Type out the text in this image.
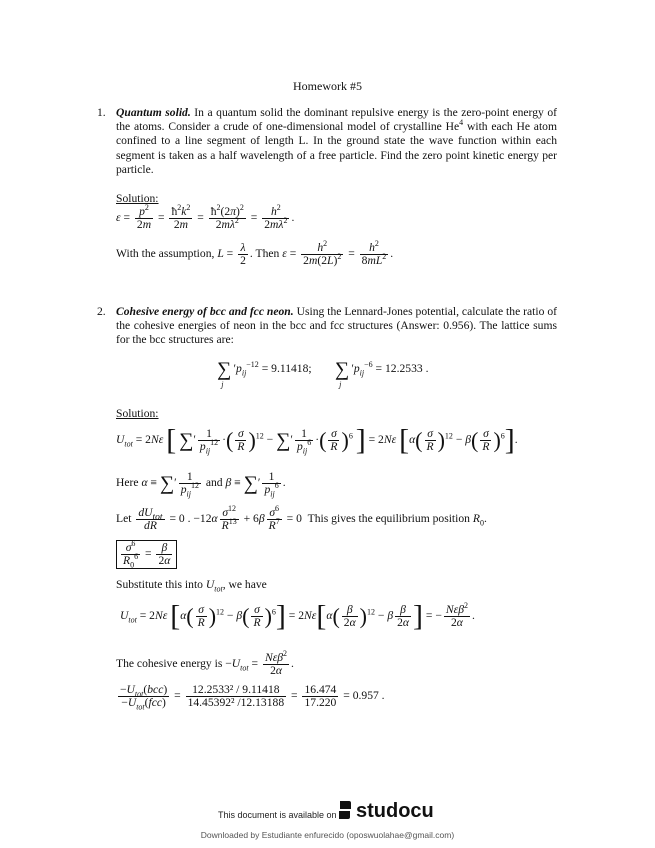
Homework #5
1. Quantum solid. In a quantum solid the dominant repulsive energy is the zero-point energy of the atoms. Consider a crude of one-dimensional model of crystalline He$^4$ with each He atom confined to a line segment of length L. In the ground state the wave function within each segment is taken as a half wavelength of a free particle. Find the zero point kinetic energy per particle.
Solution:
$\varepsilon = \frac{p^2}{2m} = \frac{ħ^2k^2}{2m} = \frac{ħ^2(2\pi)^2}{2m\lambda^2} = \frac{h^2}{2m\lambda^2}$ .
With the assumption, $L = \frac{\lambda}{2}$ . Then $\varepsilon = \frac{h^2}{2m(2L)^2} = \frac{h^2}{8mL^2}$ .
2. Cohesive energy of bcc and fcc neon. Using the Lennard-Jones potential, calculate the ratio of the cohesive energies of neon in the bcc and fcc structures (Answer: 0.956). The lattice sums for the bcc structures are:
$\sum_j'p_{ij}^{-12} = 9.11418$; $\sum_j'p_{ij}^{-6} = 12.2533$ .
Solution:
$U_{tot} = 2N\varepsilon$ [ ∑′ $\frac{1}{p_{ij}^{12}}$ ·( $\frac{\sigma}{R} )^{12}$ − ∑′ $\frac{1}{p_{ij}^6}$ ·( $\frac{\sigma}{R} )^6$ ] = 2Nε $[\alpha( \frac{\sigma}{R} )^{12} - \beta( \frac{\sigma}{R} )^6]$.
Here α ≡ ∑′ $\frac{1}{p_{ij}^{12}}$ and β ≡ ∑′ $\frac{1}{p_{ij}^6}$ .
Let $\frac{dU_{tot}}{dR} = 0$ . $-12\alpha \frac{\sigma^{12}}{R^{13}} + 6\beta \frac{\sigma^6}{R^7} = 0$  This gives the equilibrium position $R_0$.
$\frac{\sigma^6}{R_0^6} = \frac{\beta}{2\alpha}$
Substitute this into $U_{tot}$, we have
$U_{tot} = 2N\varepsilon$ $[\alpha( \frac{\sigma}{R} )^{12} - \beta( \frac{\sigma}{R} )^6] = 2N\varepsilon[\alpha( \frac{\beta}{2\alpha} )^{12} - \beta \frac{\beta}{2\alpha}$ ] = − $\frac{N\varepsilon\beta^2}{2\alpha}$ .
The cohesive energy is $-U_{tot} = \frac{N\varepsilon\beta^2}{2\alpha}$ .
$\frac{-U_{tot}(bcc)}{-U_{tot}(fcc)} = \frac{\text{12.2533² / 9.11418}}{\text{14.45392² /12.13188}} = \frac{16.474}{17.220} = 0.957$ .
This document is available on studocu
Downloaded by Estudiante enfurecido (oposwuolahae@gmail.com)
